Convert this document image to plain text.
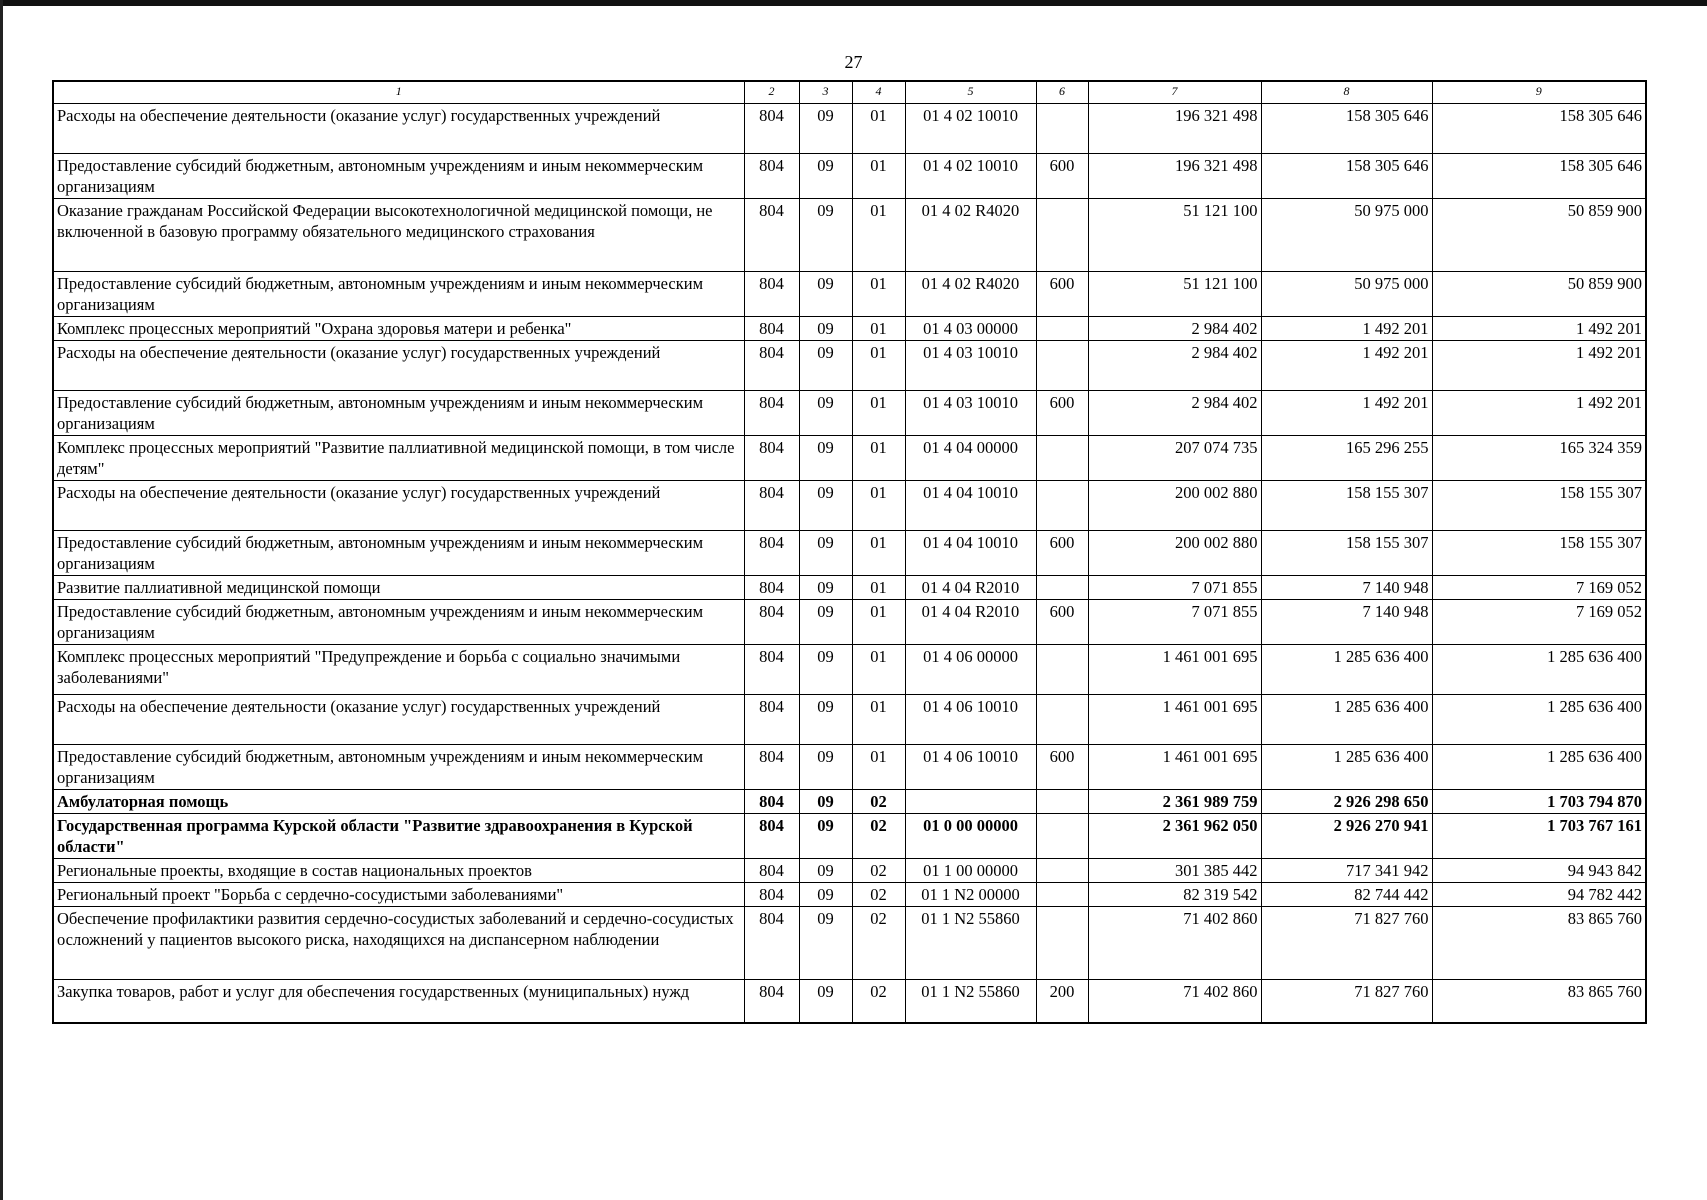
27
1	2	3	4	5	6	7	8	9
Расходы на обеспечение деятельности (оказание услуг) государственных учреждений	804	09	01	01 4 02 10010		196 321 498	158 305 646	158 305 646
Предоставление субсидий бюджетным, автономным учреждениям и иным некоммерческим организациям	804	09	01	01 4 02 10010	600	196 321 498	158 305 646	158 305 646
Оказание гражданам Российской Федерации высокотехнологичной медицинской помощи, не включенной в базовую программу обязательного медицинского страхования	804	09	01	01 4 02 R4020		51 121 100	50 975 000	50 859 900
Предоставление субсидий бюджетным, автономным учреждениям и иным некоммерческим организациям	804	09	01	01 4 02 R4020	600	51 121 100	50 975 000	50 859 900
Комплекс процессных мероприятий "Охрана здоровья матери и ребенка"	804	09	01	01 4 03 00000		2 984 402	1 492 201	1 492 201
Расходы на обеспечение деятельности (оказание услуг) государственных учреждений	804	09	01	01 4 03 10010		2 984 402	1 492 201	1 492 201
Предоставление субсидий бюджетным, автономным учреждениям и иным некоммерческим организациям	804	09	01	01 4 03 10010	600	2 984 402	1 492 201	1 492 201
Комплекс процессных мероприятий "Развитие паллиативной медицинской помощи, в том числе детям"	804	09	01	01 4 04 00000		207 074 735	165 296 255	165 324 359
Расходы на обеспечение деятельности (оказание услуг) государственных учреждений	804	09	01	01 4 04 10010		200 002 880	158 155 307	158 155 307
Предоставление субсидий бюджетным, автономным учреждениям и иным некоммерческим организациям	804	09	01	01 4 04 10010	600	200 002 880	158 155 307	158 155 307
Развитие паллиативной медицинской помощи	804	09	01	01 4 04 R2010		7 071 855	7 140 948	7 169 052
Предоставление субсидий бюджетным, автономным учреждениям и иным некоммерческим организациям	804	09	01	01 4 04 R2010	600	7 071 855	7 140 948	7 169 052
Комплекс процессных мероприятий "Предупреждение и борьба с социально значимыми заболеваниями"	804	09	01	01 4 06 00000		1 461 001 695	1 285 636 400	1 285 636 400
Расходы на обеспечение деятельности (оказание услуг) государственных учреждений	804	09	01	01 4 06 10010		1 461 001 695	1 285 636 400	1 285 636 400
Предоставление субсидий бюджетным, автономным учреждениям и иным некоммерческим организациям	804	09	01	01 4 06 10010	600	1 461 001 695	1 285 636 400	1 285 636 400
Амбулаторная помощь	804	09	02			2 361 989 759	2 926 298 650	1 703 794 870
Государственная программа Курской области "Развитие здравоохранения в Курской области"	804	09	02	01 0 00 00000		2 361 962 050	2 926 270 941	1 703 767 161
Региональные проекты, входящие в состав национальных проектов	804	09	02	01 1 00 00000		301 385 442	717 341 942	94 943 842
Региональный проект "Борьба с сердечно-сосудистыми заболеваниями"	804	09	02	01 1 N2 00000		82 319 542	82 744 442	94 782 442
Обеспечение профилактики развития сердечно-сосудистых заболеваний и сердечно-сосудистых осложнений у пациентов высокого риска, находящихся на диспансерном наблюдении	804	09	02	01 1 N2 55860		71 402 860	71 827 760	83 865 760
Закупка товаров, работ и услуг для обеспечения государственных (муниципальных) нужд	804	09	02	01 1 N2 55860	200	71 402 860	71 827 760	83 865 760
